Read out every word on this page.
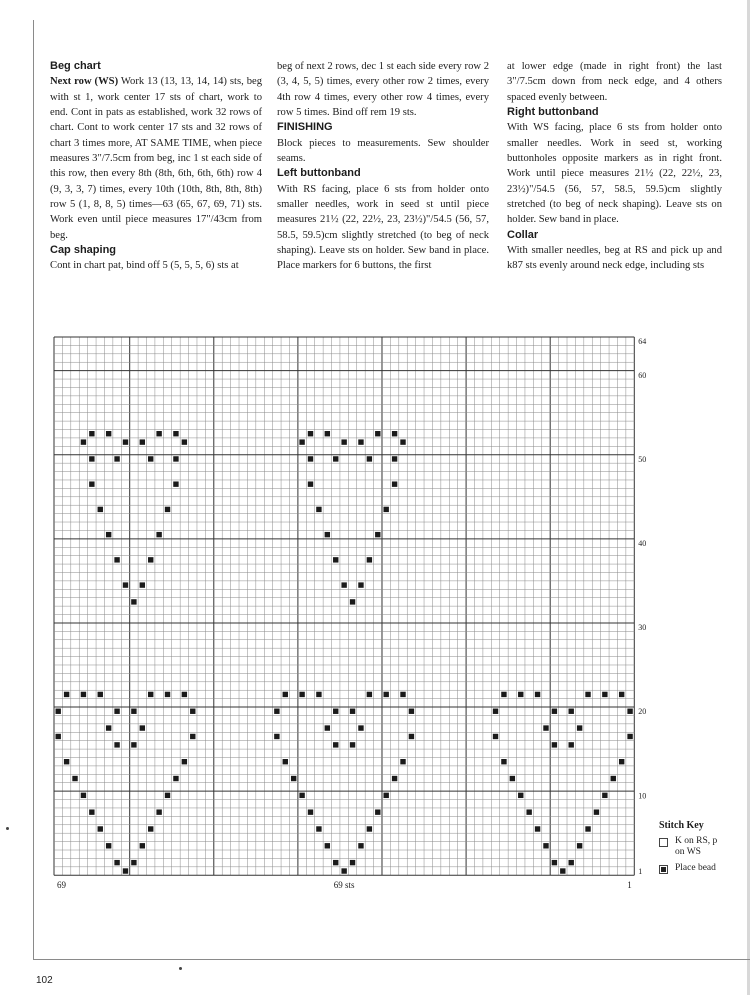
Beg chart

Next row (WS) Work 13 (13, 13, 14, 14) sts, beg with st 1, work center 17 sts of chart, work to end. Cont in pats as established, work 32 rows of chart. Cont to work center 17 sts and 32 rows of chart 3 times more, AT SAME TIME, when piece measures 3"/7.5cm from beg, inc 1 st each side of this row, then every 8th (8th, 6th, 6th, 6th) row 4 (9, 3, 3, 7) times, every 10th (10th, 8th, 8th, 8th) row 5 (1, 8, 8, 5) times—63 (65, 67, 69, 71) sts. Work even until piece measures 17"/43cm from beg.

Cap shaping

Cont in chart pat, bind off 5 (5, 5, 5, 6) sts at

beg of next 2 rows, dec 1 st each side every row 2 (3, 4, 5, 5) times, every other row 2 times, every 4th row 4 times, every other row 4 times, every row 5 times. Bind off rem 19 sts.

FINISHING

Block pieces to measurements. Sew shoulder seams.

Left buttonband

With RS facing, place 6 sts from holder onto smaller needles, work in seed st until piece measures 21½ (22, 22½, 23, 23½)"/54.5 (56, 57, 58.5, 59.5)cm slightly stretched (to beg of neck shaping). Leave sts on holder. Sew band in place. Place markers for 6 buttons, the first

at lower edge (made in right front) the last 3"/7.5cm down from neck edge, and 4 others spaced evenly between.

Right buttonband

With WS facing, place 6 sts from holder onto smaller needles. Work in seed st, working buttonholes opposite markers as in right front. Work until piece measures 21½ (22, 22½, 23, 23½)"/54.5 (56, 57, 58.5, 59.5)cm slightly stretched (to beg of neck shaping). Leave sts on holder. Sew band in place.

Collar

With smaller needles, beg at RS and pick up and k87 sts evenly around neck edge, including sts

1
10
20
30
40
50
60
64
69	1
69 sts
Stitch Key
K on RS, p on WS
Place bead
102
